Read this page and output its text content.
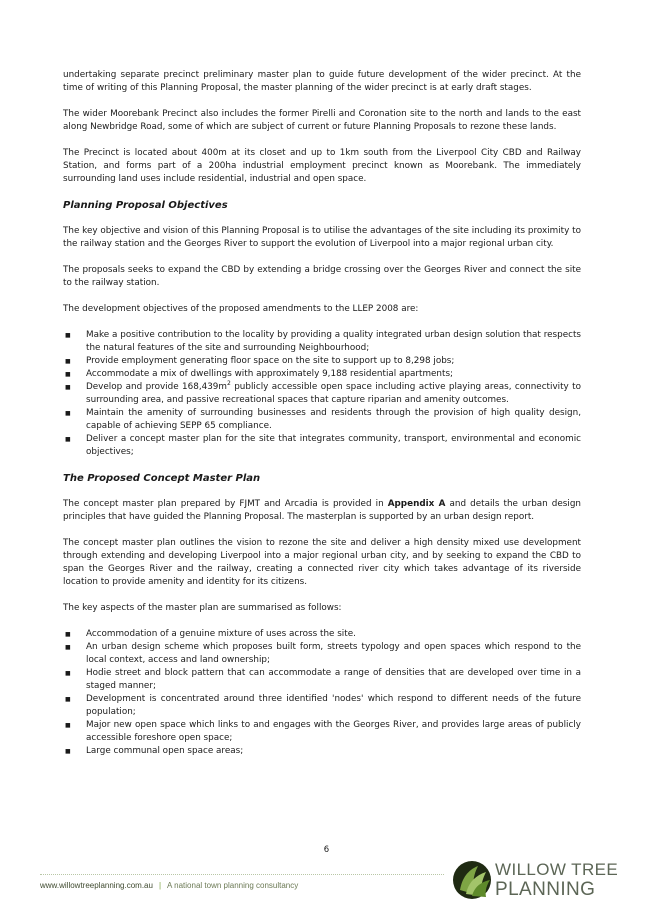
undertaking separate precinct preliminary master plan to guide future development of the wider precinct. At the time of writing of this Planning Proposal, the master planning of the wider precinct is at early draft stages.

The wider Moorebank Precinct also includes the former Pirelli and Coronation site to the north and lands to the east along Newbridge Road, some of which are subject of current or future Planning Proposals to rezone these lands.

The Precinct is located about 400m at its closet and up to 1km south from the Liverpool City CBD and Railway Station, and forms part of a 200ha industrial employment precinct known as Moorebank. The immediately surrounding land uses include residential, industrial and open space.

Planning Proposal Objectives

The key objective and vision of this Planning Proposal is to utilise the advantages of the site including its proximity to the railway station and the Georges River to support the evolution of Liverpool into a major regional urban city.

The proposals seeks to expand the CBD by extending a bridge crossing over the Georges River and connect the site to the railway station.

The development objectives of the proposed amendments to the LLEP 2008 are:

■ Make a positive contribution to the locality by providing a quality integrated urban design solution that respects the natural features of the site and surrounding Neighbourhood;
■ Provide employment generating floor space on the site to support up to 8,298 jobs;
■ Accommodate a mix of dwellings with approximately 9,188 residential apartments;
■ Develop and provide $168,439m^2$ publicly accessible open space including active playing areas, connectivity to surrounding area, and passive recreational spaces that capture riparian and amenity outcomes.
■ Maintain the amenity of surrounding businesses and residents through the provision of high quality design, capable of achieving SEPP 65 compliance.
■ Deliver a concept master plan for the site that integrates community, transport, environmental and economic objectives;
The Proposed Concept Master Plan

The concept master plan prepared by FJMT and Arcadia is provided in Appendix A and details the urban design principles that have guided the Planning Proposal. The masterplan is supported by an urban design report.

The concept master plan outlines the vision to rezone the site and deliver a high density mixed use development through extending and developing Liverpool into a major regional urban city, and by seeking to expand the CBD to span the Georges River and the railway, creating a connected river city which takes advantage of its riverside location to provide amenity and identity for its citizens.

The key aspects of the master plan are summarised as follows:

■ Accommodation of a genuine mixture of uses across the site.
■ An urban design scheme which proposes built form, streets typology and open spaces which respond to the local context, access and land ownership;
■ Hodie street and block pattern that can accommodate a range of densities that are developed over time in a staged manner;
■ Development is concentrated around three identified 'nodes' which respond to different needs of the future population;
■ Major new open space which links to and engages with the Georges River, and provides large areas of publicly accessible foreshore open space;
■ Large communal open space areas;
6
www.willowtreeplanning.com.au | A national town planning consultancy
WILLOW TREE
PLANNING
